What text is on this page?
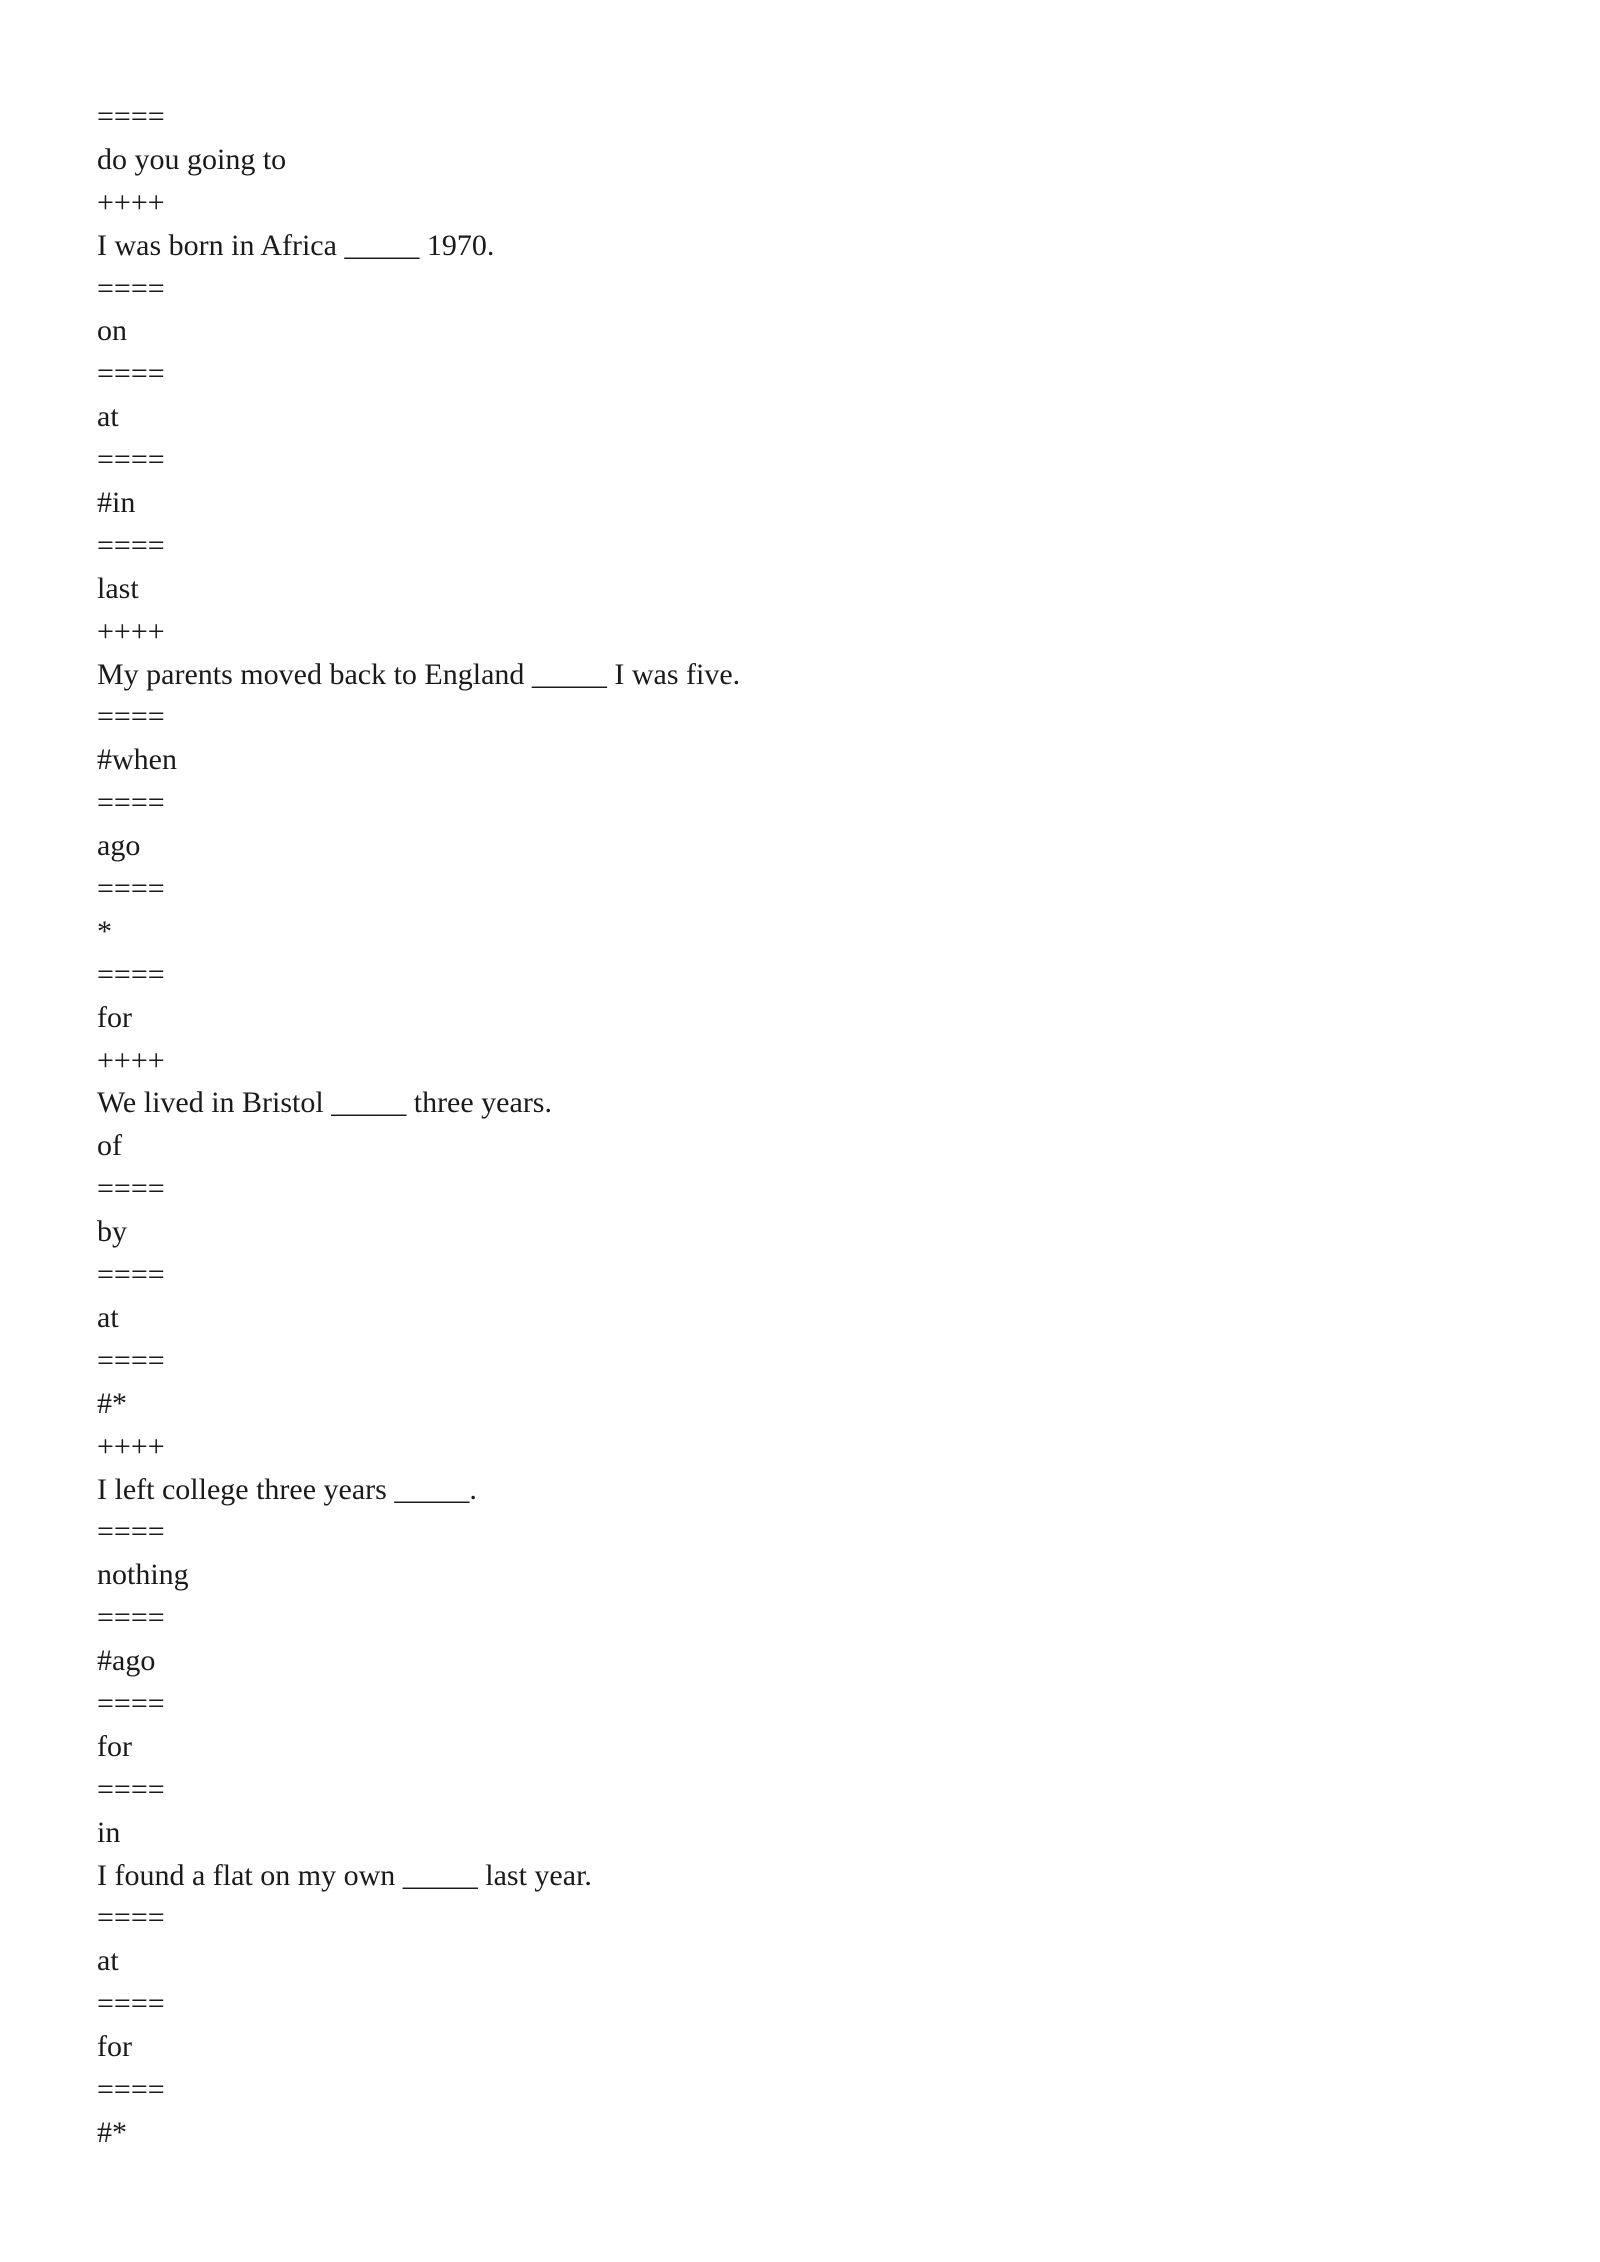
====
do you going to
++++
I was born in Africa _____ 1970.
====
on
====
at
====
#in
====
last
++++
My parents moved back to England _____ I was five.
====
#when
====
ago
====
*
====
for
++++
We lived in Bristol _____ three years.
of
====
by
====
at
====
#*
++++
I left college three years _____.
====
nothing
====
#ago
====
for
====
in
I found a flat on my own _____ last year.
====
at
====
for
====
#*
